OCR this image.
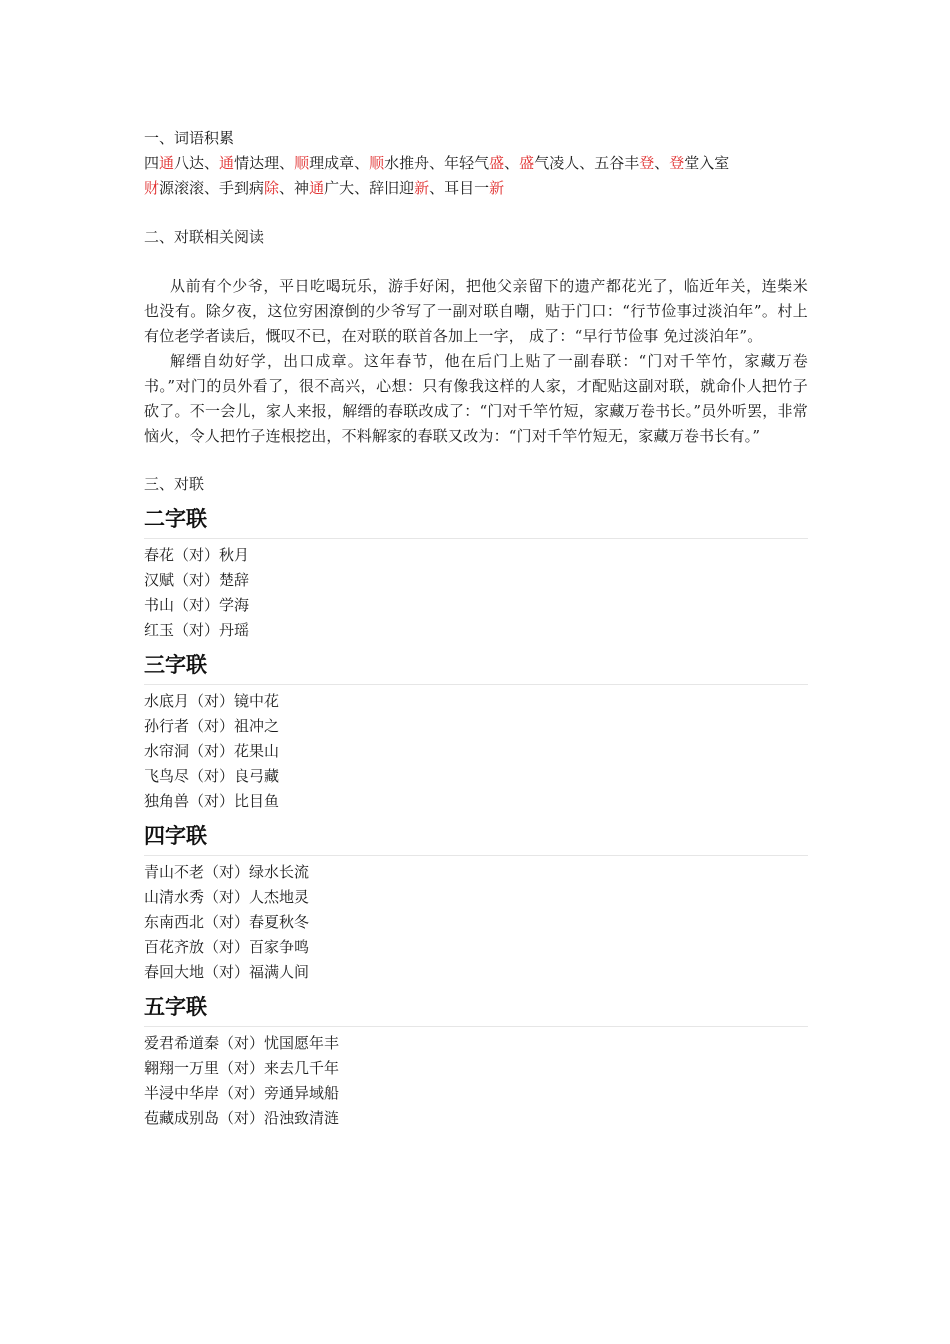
一、词语积累
四通八达、通情达理、顺理成章、顺水推舟、年轻气盛、盛气凌人、五谷丰登、登堂入室
财源滚滚、手到病除、神通广大、辞旧迎新、耳目一新
二、对联相关阅读

从前有个少爷，平日吃喝玩乐，游手好闲，把他父亲留下的遗产都花光了，临近年关，连柴米也没有。除夕夜，这位穷困潦倒的少爷写了一副对联自嘲，贴于门口：“行节俭事过淡泊年”。村上有位老学者读后，慨叹不已，在对联的联首各加上一字， 成了：“早行节俭事 免过淡泊年”。

解缙自幼好学，出口成章。这年春节，他在后门上贴了一副春联：“门对千竿竹，家藏万卷书。”对门的员外看了，很不高兴，心想：只有像我这样的人家，才配贴这副对联，就命仆人把竹子砍了。不一会儿，家人来报，解缙的春联改成了：“门对千竿竹短，家藏万卷书长。”员外听罢，非常恼火，令人把竹子连根挖出，不料解家的春联又改为：“门对千竿竹短无，家藏万卷书长有。”

三、对联
二字联
春花（对）秋月
汉赋（对）楚辞
书山（对）学海
红玉（对）丹瑶
三字联
水底月（对）镜中花
孙行者（对）祖冲之
水帘洞（对）花果山
飞鸟尽（对）良弓藏
独角兽（对）比目鱼
四字联
青山不老（对）绿水长流
山清水秀（对）人杰地灵
东南西北（对）春夏秋冬
百花齐放（对）百家争鸣
春回大地（对）福满人间
五字联
爱君希道秦（对）忧国愿年丰
翱翔一万里（对）来去几千年
半浸中华岸（对）旁通异域船
苞藏成别岛（对）沿浊致清涟
